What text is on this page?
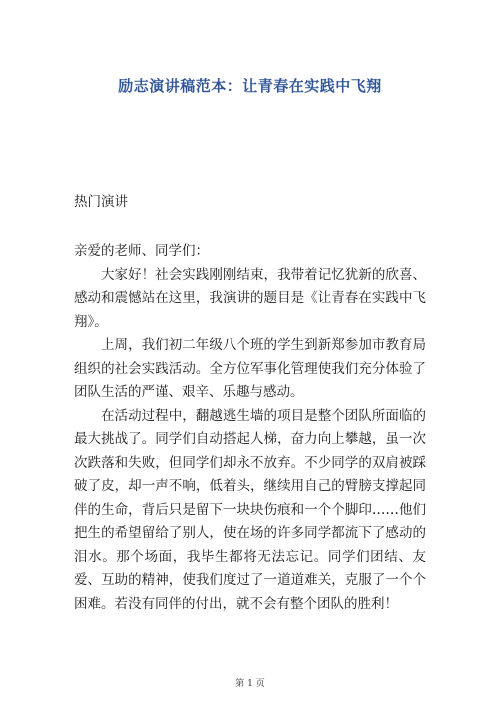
励志演讲稿范本：让青春在实践中飞翔
热门演讲

亲爱的老师、同学们：

大家好！社会实践刚刚结束，我带着记忆犹新的欣喜、感动和震憾站在这里，我演讲的题目是《让青春在实践中飞翔》。

上周，我们初二年级八个班的学生到新郑参加市教育局组织的社会实践活动。全方位军事化管理使我们充分体验了团队生活的严谨、艰辛、乐趣与感动。

在活动过程中，翻越逃生墙的项目是整个团队所面临的最大挑战了。同学们自动搭起人梯，奋力向上攀越，虽一次次跌落和失败，但同学们却永不放弃。不少同学的双肩被踩破了皮，却一声不响，低着头，继续用自己的臂膀支撑起同伴的生命，背后只是留下一块块伤痕和一个个脚印……他们把生的希望留给了别人，使在场的许多同学都流下了感动的泪水。那个场面，我毕生都将无法忘记。同学们团结、友爱、互助的精神，使我们度过了一道道难关，克服了一个个困难。若没有同伴的付出，就不会有整个团队的胜利！

第 1 页
